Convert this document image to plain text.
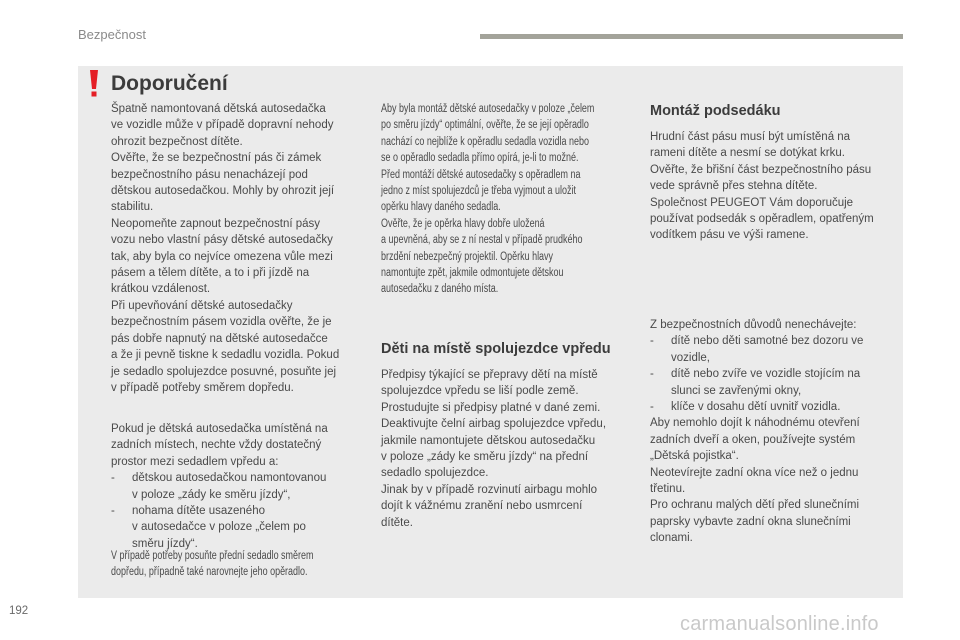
Bezpečnost
Doporučení

Špatně namontovaná dětská autosedačka

ve vozidle může v případě dopravní nehody

ohrozit bezpečnost dítěte.

Ověřte, že se bezpečnostní pás či zámek

bezpečnostního pásu nenacházejí pod

dětskou autosedačkou. Mohly by ohrozit její

stabilitu.

Neopomeňte zapnout bezpečnostní pásy

vozu nebo vlastní pásy dětské autosedačky

tak, aby byla co nejvíce omezena vůle mezi

pásem a tělem dítěte, a to i při jízdě na

krátkou vzdálenost.

Při upevňování dětské autosedačky

bezpečnostním pásem vozidla ověřte, že je

pás dobře napnutý na dětské autosedačce

a že ji pevně tiskne k sedadlu vozidla. Pokud

je sedadlo spolujezdce posuvné, posuňte jej

v případě potřeby směrem dopředu.

Pokud je dětská autosedačka umístěná na

zadních místech, nechte vždy dostatečný

prostor mezi sedadlem vpředu a:

- dětskou autosedačkou namontovanou

v poloze „zády ke směru jízdy“,

- nohama dítěte usazeného

v autosedačce v poloze „čelem po

směru jízdy“.

V případě potřeby posuňte přední sedadlo směrem

dopředu, případně také narovnejte jeho opěradlo.

Aby byla montáž dětské autosedačky v poloze „čelem

po směru jízdy“ optimální, ověřte, že se její opěradlo

nachází co nejblíže k opěradlu sedadla vozidla nebo

se o opěradlo sedadla přímo opírá, je-li to možné.

Před montáží dětské autosedačky s opěradlem na

jedno z míst spolujezdců je třeba vyjmout a uložit

opěrku hlavy daného sedadla.

Ověřte, že je opěrka hlavy dobře uložená

a upevněná, aby se z ní nestal v případě prudkého

brzdění nebezpečný projektil. Opěrku hlavy

namontujte zpět, jakmile odmontujete dětskou

autosedačku z daného místa.

Děti na místě spolujezdce vpředu

Předpisy týkající se přepravy dětí na místě

spolujezdce vpředu se liší podle země.

Prostudujte si předpisy platné v dané zemi.

Deaktivujte čelní airbag spolujezdce vpředu,

jakmile namontujete dětskou autosedačku

v poloze „zády ke směru jízdy“ na přední

sedadlo spolujezdce.

Jinak by v případě rozvinutí airbagu mohlo

dojít k vážnému zranění nebo usmrcení

dítěte.

Montáž podsedáku

Hrudní část pásu musí být umístěná na

rameni dítěte a nesmí se dotýkat krku.

Ověřte, že břišní část bezpečnostního pásu

vede správně přes stehna dítěte.

Společnost PEUGEOT Vám doporučuje

používat podsedák s opěradlem, opatřeným

vodítkem pásu ve výši ramene.

Z bezpečnostních důvodů nenechávejte:

- dítě nebo děti samotné bez dozoru ve

vozidle,

- dítě nebo zvíře ve vozidle stojícím na

slunci se zavřenými okny,

- klíče v dosahu dětí uvnitř vozidla.

Aby nemohlo dojít k náhodnému otevření

zadních dveří a oken, používejte systém

„Dětská pojistka“.

Neotevírejte zadní okna více než o jednu

třetinu.

Pro ochranu malých dětí před slunečními

paprsky vybavte zadní okna slunečními

clonami.

192
carmanualsonline.info
